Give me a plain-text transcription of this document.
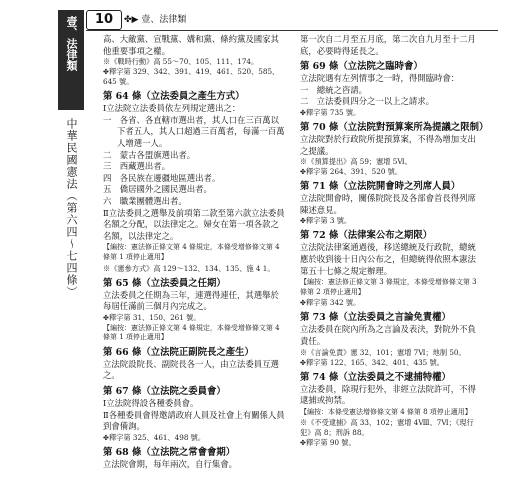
壹、法律類
中華民國憲法（第六四～七四條）
10	✤▶ 壹、法律類
高、大敵黨、宣戰黨、媾和黨、條約黨及國家其他重要事項之權。
※《戰時行動》高 55～70、105、111、174。
✤釋字第 329、342、391、419、461、520、585、645 號。
第 64 條（立法委員之產生方式）
Ⅰ立法院立法委員依左列規定選出之：
一　各省、各直轄市選出者，其人口在三百萬以下者五人，其人口超過三百萬者，每滿一百萬人增選一人。
二　蒙古各盟旗選出者。
三　西藏選出者。
四　各民族在邊疆地區選出者。
五　僑居國外之國民選出者。
六　職業團體選出者。
Ⅱ立法委員之選舉及前項第二款至第六款立法委員名額之分配，以法律定之。婦女在第一項各款之名額，以法律定之。
【編按：憲法修正條文第 4 條規定，本條受增修條文第 4 條第 1 項停止適用】
※《憲參方式》高 129～132、134、135、施 4 1。
第 65 條（立法委員之任期）
立法委員之任期為三年，連選得連任，其選舉於每屆任滿前三個月內完成之。
✤釋字第 31、150、261 號。
【編按：憲法修正條文第 4 條規定，本條受增修條文第 4 條第 1 項停止適用】
第 66 條（立法院正副院長之產生）
立法院設院長、副院長各一人，由立法委員互選之。
第 67 條（立法院之委員會）
Ⅰ立法院得設各種委員會。
Ⅱ各種委員會得邀請政府人員及社會上有關係人員到會備詢。
✤釋字第 325、461、498 號。
第 68 條（立法院之常會會期）
立法院會期，每年兩次，自行集會。
第一次自二月至五月底，第二次自九月至十二月底，必要時得延長之。
第 69 條（立法院之臨時會）
立法院遇有左列情事之一時，得開臨時會：
一　總統之咨請。
二　立法委員四分之一以上之請求。
✤釋字第 735 號。
第 70 條（立法院對預算案所為提議之限制）
立法院對於行政院所提預算案，不得為增加支出之提議。
※《預算提出》高 59；憲增 5Ⅵ。
✤釋字第 264、391、520 號。
第 71 條（立法院開會時之列席人員）
立法院開會時，關係院院長及各部會首長得列席陳述意見。
✤釋字第 3 號。
第 72 條（法律案公布之期限）
立法院法律案通過後，移送總統及行政院，總統應於收到後十日內公布之，但總統得依照本憲法第五十七條之規定辦理。
【編按：憲法修正條文第 3 條規定，本條受增修條文第 3 條第 2 項停止適用】
✤釋字第 342 號。
第 73 條（立法委員之言論免責權）
立法委員在院內所為之言論及表決，對院外不負責任。
※《言論免責》憲 32、101；憲增 7Ⅵ；地制 50。
✤釋字第 122、165、342、401、435 號。
第 74 條（立法委員之不逮捕特權）
立法委員，除現行犯外，非經立法院許可，不得逮捕或拘禁。
【編按：本條受憲法增修條文第 4 條第 8 項停止適用】
※《不受逮捕》高 33、102；憲增 4Ⅷ、7Ⅵ；《現行犯》高 8；刑訴 88。
✤釋字第 90 號。
